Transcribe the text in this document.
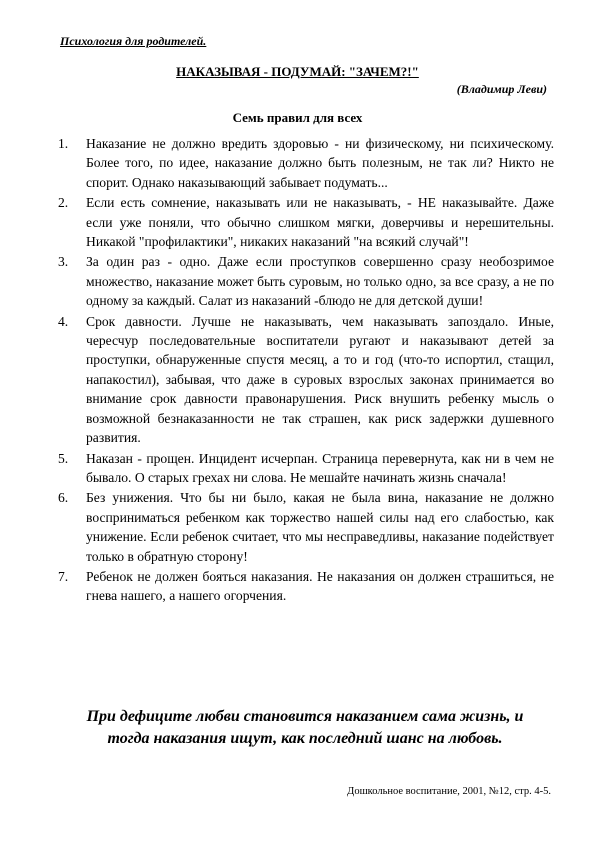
Психология для родителей.
НАКАЗЫВАЯ - ПОДУМАЙ: "ЗАЧЕМ?!"
(Владимир Леви)
Семь правил для всех
1.	Наказание не должно вредить здоровью - ни физическому, ни психическому. Более того, по идее, наказание должно быть полезным, не так ли? Никто не спорит. Однако наказывающий забывает подумать...
2.	Если есть сомнение, наказывать или не наказывать, - НЕ наказывайте. Даже если уже поняли, что обычно слишком мягки, доверчивы и нерешительны. Никакой "профилактики", никаких наказаний "на всякий случай"!
3.	За один раз - одно. Даже если проступков совершенно сразу необозримое множество, наказание может быть суровым, но только одно, за все сразу, а не по одному за каждый. Салат из наказаний -блюдо не для детской души!
4.	Срок давности. Лучше не наказывать, чем наказывать запоздало. Иные, чересчур последовательные воспитатели ругают и наказывают детей за проступки, обнаруженные спустя месяц, а то и год (что-то испортил, стащил, напакостил), забывая, что даже в суровых взрослых законах принимается во внимание срок давности правонарушения. Риск внушить ребенку мысль о возможной безнаказанности не так страшен, как риск задержки душевного развития.
5.	Наказан - прощен. Инцидент исчерпан. Страница перевернута, как ни в чем не бывало. О старых грехах ни слова. Не мешайте начинать жизнь сначала!
6.	Без унижения. Что бы ни было, какая не была вина, наказание не должно восприниматься ребенком как торжество нашей силы над его слабостью, как унижение. Если ребенок считает, что мы несправедливы, наказание подействует только в обратную сторону!
7.	Ребенок не должен бояться наказания. Не наказания он должен страшиться, не гнева нашего, а нашего огорчения.
При дефиците любви становится наказанием сама жизнь, и тогда наказания ищут, как последний шанс на любовь.
Дошкольное воспитание, 2001, №12, стр. 4-5.
